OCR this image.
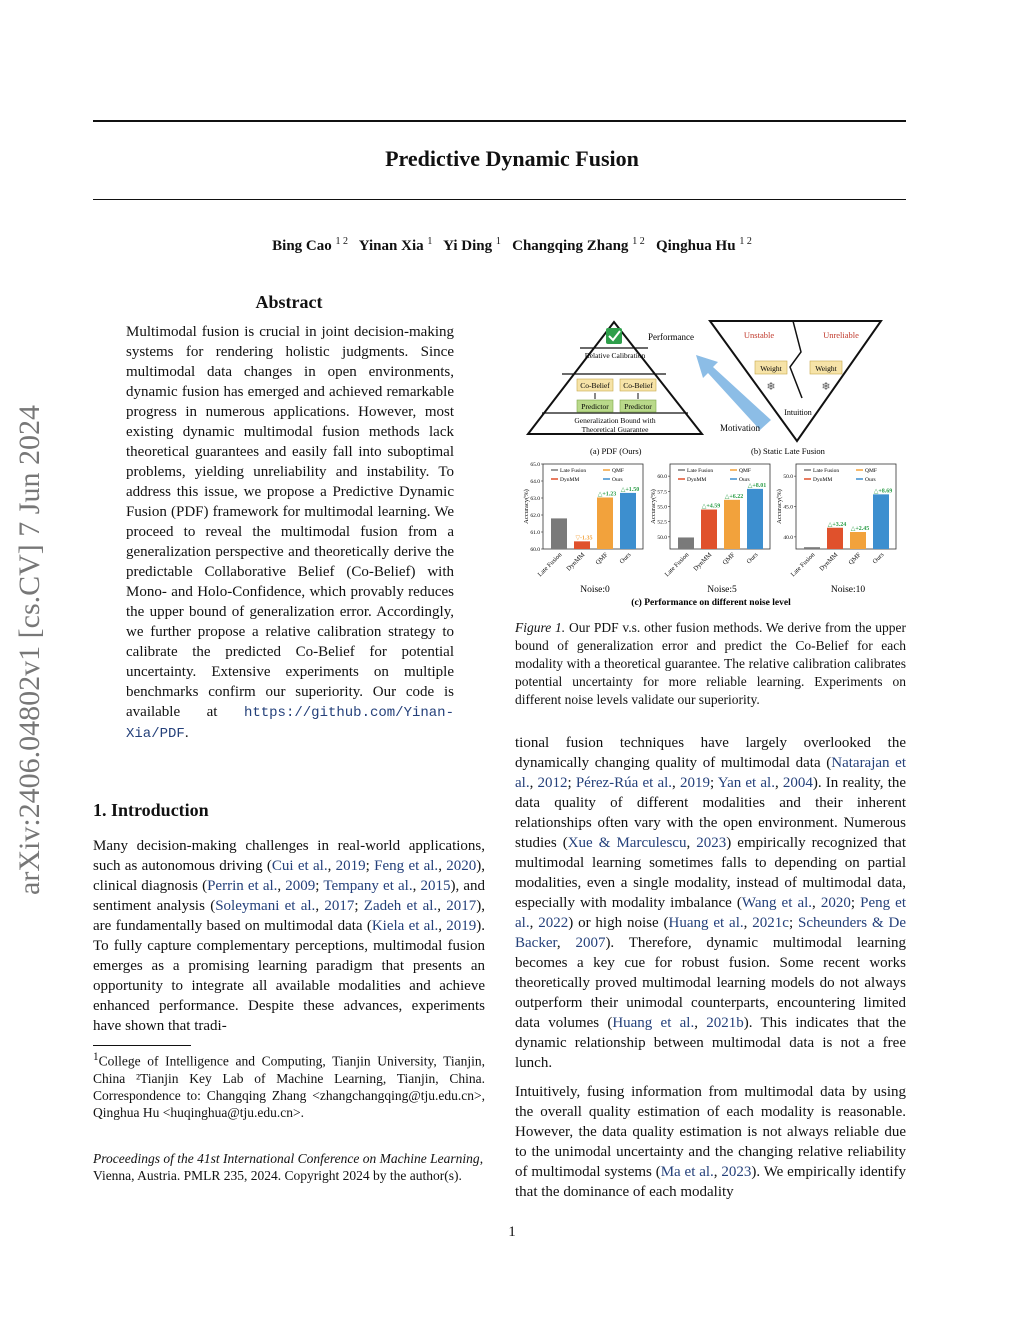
Predictive Dynamic Fusion
Bing Cao $^{1 2}$ Yinan Xia $^1$ Yi Ding $^1$ Changqing Zhang $^{1 2}$ Qinghua Hu $^{1 2}$
arXiv:2406.04802v1 [cs.CV] 7 Jun 2024
Abstract
Multimodal fusion is crucial in joint decision-making systems for rendering holistic judgments. Since multimodal data changes in open environments, dynamic fusion has emerged and achieved remarkable progress in numerous applications. However, most existing dynamic multimodal fusion methods lack theoretical guarantees and easily fall into suboptimal problems, yielding unreliability and instability. To address this issue, we propose a Predictive Dynamic Fusion (PDF) framework for multimodal learning. We proceed to reveal the multimodal fusion from a generalization perspective and theoretically derive the predictable Collaborative Belief (Co-Belief) with Mono- and Holo-Confidence, which provably reduces the upper bound of generalization error. Accordingly, we further propose a relative calibration strategy to calibrate the predicted Co-Belief for potential uncertainty. Extensive experiments on multiple benchmarks confirm our superiority. Our code is available at https://github.com/Yinan-Xia/PDF.
1. Introduction
Many decision-making challenges in real-world applications, such as autonomous driving (Cui et al., 2019; Feng et al., 2020), clinical diagnosis (Perrin et al., 2009; Tempany et al., 2015), and sentiment analysis (Soleymani et al., 2017; Zadeh et al., 2017), are fundamentally based on multimodal data (Kiela et al., 2019). To fully capture complementary perceptions, multimodal fusion emerges as a promising learning paradigm that presents an opportunity to integrate all available modalities and achieve enhanced performance. Despite these advances, experiments have shown that tradi-
$^1$College of Intelligence and Computing, Tianjin University, Tianjin, China ²Tianjin Key Lab of Machine Learning, Tianjin, China. Correspondence to: Changqing Zhang <zhangchangqing@tju.edu.cn>, Qinghua Hu <huqinghua@tju.edu.cn>.
Proceedings of the 41st International Conference on Machine Learning, Vienna, Austria. PMLR 235, 2024. Copyright 2024 by the author(s).
Relative Calibration
Co-Belief Co-Belief
Predictor Predictor
Generalization Bound with
Theoretical Guarantee
Performance
(a) PDF (Ours)
Motivation
Unstable	Unreliable
Weight	Weight
❄	❄
Intuition
(b) Static Late Fusion
Accuracy(%)
60.0
61.0
62.0
63.0
64.0
65.0
Late Fusion	QMF
DynMM	Ours
Late Fusion
▽-1.35
DynMM
△+1.23
QMF
△+1.50
Ours
Noise:0
Accuracy(%)
50.0
52.5
55.0
57.5
60.0
Late Fusion	QMF
DynMM	Ours
Late Fusion
△+4.59
DynMM
△+6.22
QMF
△+8.01
Ours
Noise:5
Accuracy(%)
40.0
45.0
50.0
Late Fusion	QMF
DynMM	Ours
Late Fusion
△+3.24
DynMM
△+2.45
QMF
△+8.69
Ours
Noise:10
(c) Performance on different noise level
Figure 1. Our PDF v.s. other fusion methods. We derive from the upper bound of generalization error and predict the Co-Belief for each modality with a theoretical guarantee. The relative calibration calibrates potential uncertainty for more reliable learning. Experiments on different noise levels validate our superiority.
tional fusion techniques have largely overlooked the dynamically changing quality of multimodal data (Natarajan et al., 2012; Pérez-Rúa et al., 2019; Yan et al., 2004). In reality, the data quality of different modalities and their inherent relationships often vary with the open environment. Numerous studies (Xue & Marculescu, 2023) empirically recognized that multimodal learning sometimes falls to depending on partial modalities, even a single modality, instead of multimodal data, especially with modality imbalance (Wang et al., 2020; Peng et al., 2022) or high noise (Huang et al., 2021c; Scheunders & De Backer, 2007). Therefore, dynamic multimodal learning becomes a key cue for robust fusion. Some recent works theoretically proved multimodal learning models do not always outperform their unimodal counterparts, encountering limited data volumes (Huang et al., 2021b). This indicates that the dynamic relationship between multimodal data is not a free lunch.
Intuitively, fusing information from multimodal data by using the overall quality estimation of each modality is reasonable. However, the data quality estimation is not always reliable due to the unimodal uncertainty and the changing relative reliability of multimodal systems (Ma et al., 2023). We empirically identify that the dominance of each modality
1
